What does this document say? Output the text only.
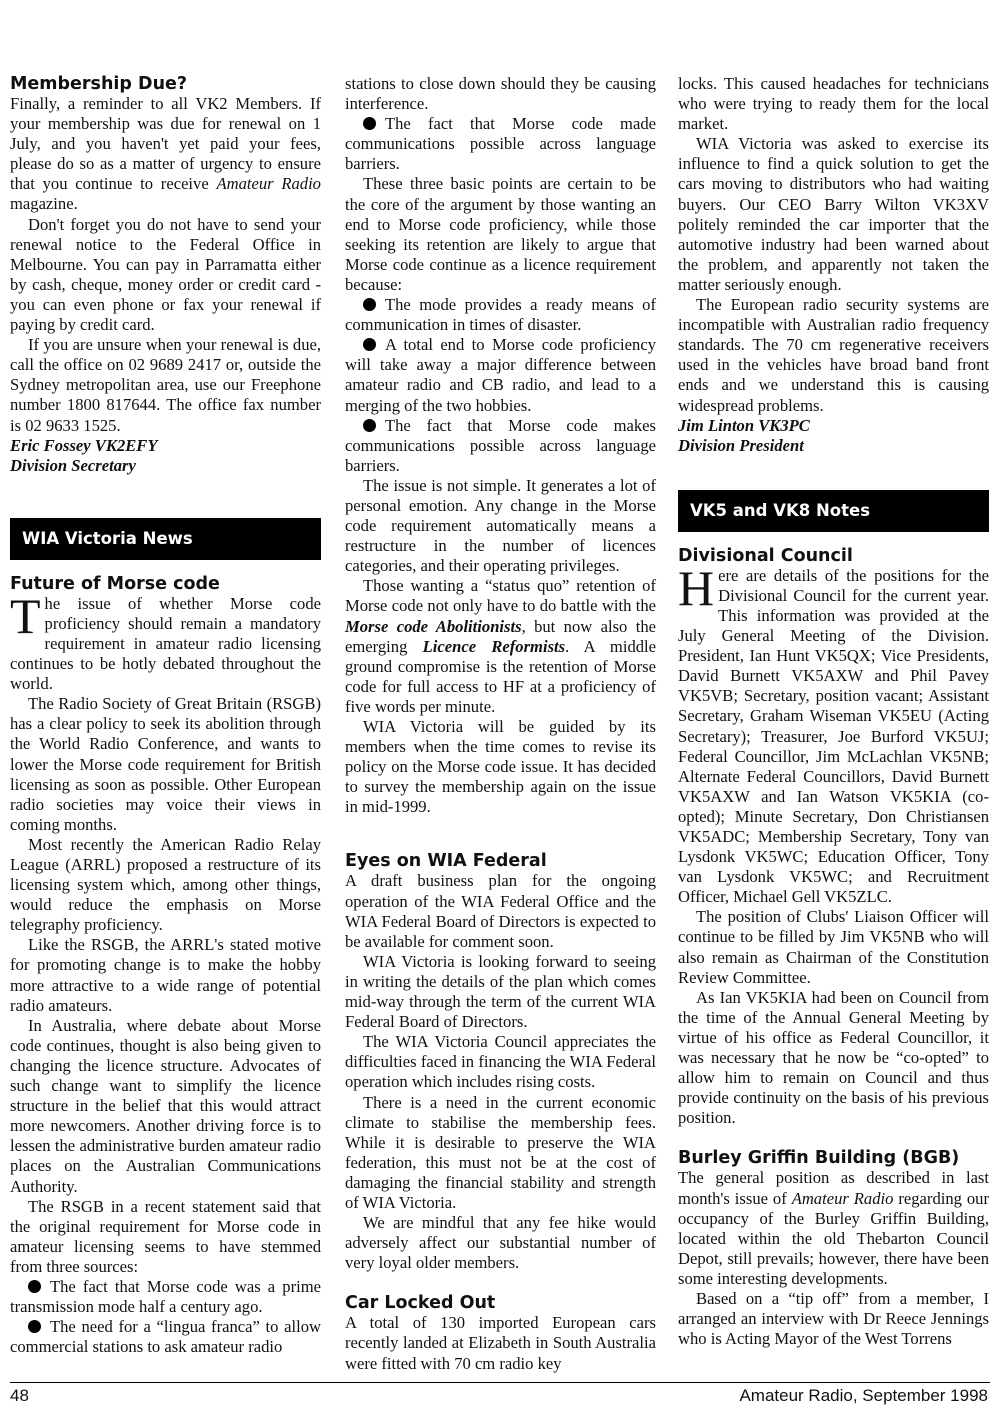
Membership Due?

Finally, a reminder to all VK2 Members. If your membership was due for renewal on 1 July, and you haven't yet paid your fees, please do so as a matter of urgency to ensure that you continue to receive Amateur Radio magazine.

Don't forget you do not have to send your renewal notice to the Federal Office in Melbourne. You can pay in Parramatta either by cash, cheque, money order or credit card - you can even phone or fax your renewal if paying by credit card.

If you are unsure when your renewal is due, call the office on 02 9689 2417 or, outside the Sydney metropolitan area, use our Freephone number 1800 817644. The office fax number is 02 9633 1525.

Eric Fossey VK2EFY

Division Secretary

WIA Victoria News
Future of Morse code

The issue of whether Morse code proficiency should remain a mandatory requirement in amateur radio licensing continues to be hotly debated throughout the world.

The Radio Society of Great Britain (RSGB) has a clear policy to seek its abolition through the World Radio Conference, and wants to lower the Morse code requirement for British licensing as soon as possible. Other European radio societies may voice their views in coming months.

Most recently the American Radio Relay League (ARRL) proposed a restructure of its licensing system which, among other things, would reduce the emphasis on Morse telegraphy proficiency.

Like the RSGB, the ARRL's stated motive for promoting change is to make the hobby more attractive to a wide range of potential radio amateurs.

In Australia, where debate about Morse code continues, thought is also being given to changing the licence structure. Advocates of such change want to simplify the licence structure in the belief that this would attract more newcomers. Another driving force is to lessen the administrative burden amateur radio places on the Australian Communications Authority.

The RSGB in a recent statement said that the original requirement for Morse code in amateur licensing seems to have stemmed from three sources:

The fact that Morse code was a prime transmission mode half a century ago.

The need for a “lingua franca” to allow commercial stations to ask amateur radio

stations to close down should they be causing interference.

The fact that Morse code made communications possible across language barriers.

These three basic points are certain to be the core of the argument by those wanting an end to Morse code proficiency, while those seeking its retention are likely to argue that Morse code continue as a licence requirement because:

The mode provides a ready means of communication in times of disaster.

A total end to Morse code proficiency will take away a major difference between amateur radio and CB radio, and lead to a merging of the two hobbies.

The fact that Morse code makes communications possible across language barriers.

The issue is not simple. It generates a lot of personal emotion. Any change in the Morse code requirement automatically means a restructure in the number of licences categories, and their operating privileges.

Those wanting a “status quo” retention of Morse code not only have to do battle with the Morse code Abolitionists, but now also the emerging Licence Reformists. A middle ground compromise is the retention of Morse code for full access to HF at a proficiency of five words per minute.

WIA Victoria will be guided by its members when the time comes to revise its policy on the Morse code issue. It has decided to survey the membership again on the issue in mid-1999.

Eyes on WIA Federal

A draft business plan for the ongoing operation of the WIA Federal Office and the WIA Federal Board of Directors is expected to be available for comment soon.

WIA Victoria is looking forward to seeing in writing the details of the plan which comes mid-way through the term of the current WIA Federal Board of Directors.

The WIA Victoria Council appreciates the difficulties faced in financing the WIA Federal operation which includes rising costs.

There is a need in the current economic climate to stabilise the membership fees. While it is desirable to preserve the WIA federation, this must not be at the cost of damaging the financial stability and strength of WIA Victoria.

We are mindful that any fee hike would adversely affect our substantial number of very loyal older members.

Car Locked Out

A total of 130 imported European cars recently landed at Elizabeth in South Australia were fitted with 70 cm radio key

locks. This caused headaches for technicians who were trying to ready them for the local market.

WIA Victoria was asked to exercise its influence to find a quick solution to get the cars moving to distributors who had waiting buyers. Our CEO Barry Wilton VK3XV politely reminded the car importer that the automotive industry had been warned about the problem, and apparently not taken the matter seriously enough.

The European radio security systems are incompatible with Australian radio frequency standards. The 70 cm regenerative receivers used in the vehicles have broad band front ends and we understand this is causing widespread problems.

Jim Linton VK3PC

Division President

VK5 and VK8 Notes
Divisional Council

Here are details of the positions for the Divisional Council for the current year. This information was provided at the July General Meeting of the Division. President, Ian Hunt VK5QX; Vice Presidents, David Burnett VK5AXW and Phil Pavey VK5VB; Secretary, position vacant; Assistant Secretary, Graham Wiseman VK5EU (Acting Secretary); Treasurer, Joe Burford VK5UJ; Federal Councillor, Jim McLachlan VK5NB; Alternate Federal Councillors, David Burnett VK5AXW and Ian Watson VK5KIA (co-opted); Minute Secretary, Don Christiansen VK5ADC; Membership Secretary, Tony van Lysdonk VK5WC; Education Officer, Tony van Lysdonk VK5WC; and Recruitment Officer, Michael Gell VK5ZLC.

The position of Clubs' Liaison Officer will continue to be filled by Jim VK5NB who will also remain as Chairman of the Constitution Review Committee.

As Ian VK5KIA had been on Council from the time of the Annual General Meeting by virtue of his office as Federal Councillor, it was necessary that he now be “co-opted” to allow him to remain on Council and thus provide continuity on the basis of his previous position.

Burley Griffin Building (BGB)

The general position as described in last month's issue of Amateur Radio regarding our occupancy of the Burley Griffin Building, located within the old Thebarton Council Depot, still prevails; however, there have been some interesting developments.

Based on a “tip off” from a member, I arranged an interview with Dr Reece Jennings who is Acting Mayor of the West Torrens

48	Amateur Radio, September 1998
